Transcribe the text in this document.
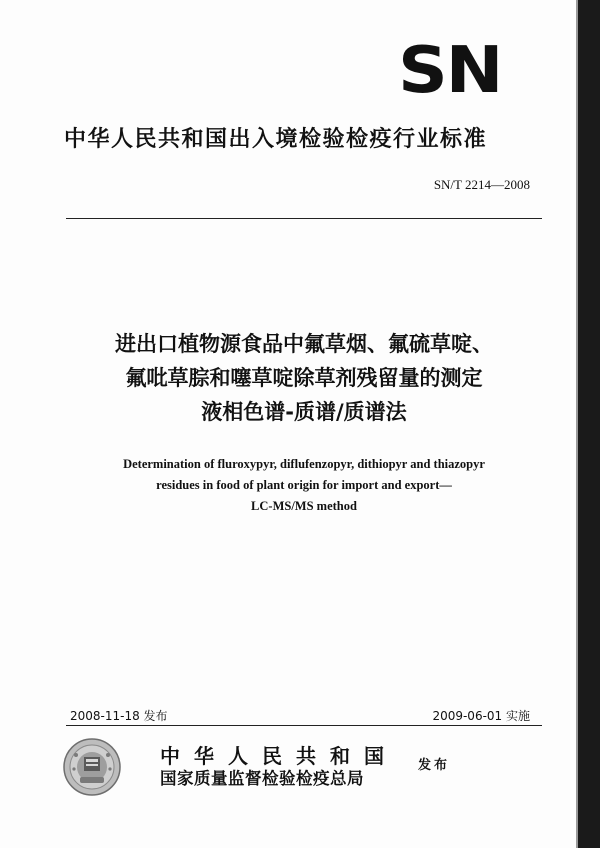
SN
中华人民共和国出入境检验检疫行业标准
SN/T 2214—2008
进出口植物源食品中氟草烟、氟硫草啶、
氟吡草腙和噻草啶除草剂残留量的测定
液相色谱-质谱/质谱法
Determination of fluroxypyr, diflufenzopyr, dithiopyr and thiazopyr
residues in food of plant origin for import and export—
LC-MS/MS method
2008-11-18 发布	2009-06-01 实施
中华人民共和国
国家质量监督检验检疫总局
发布
